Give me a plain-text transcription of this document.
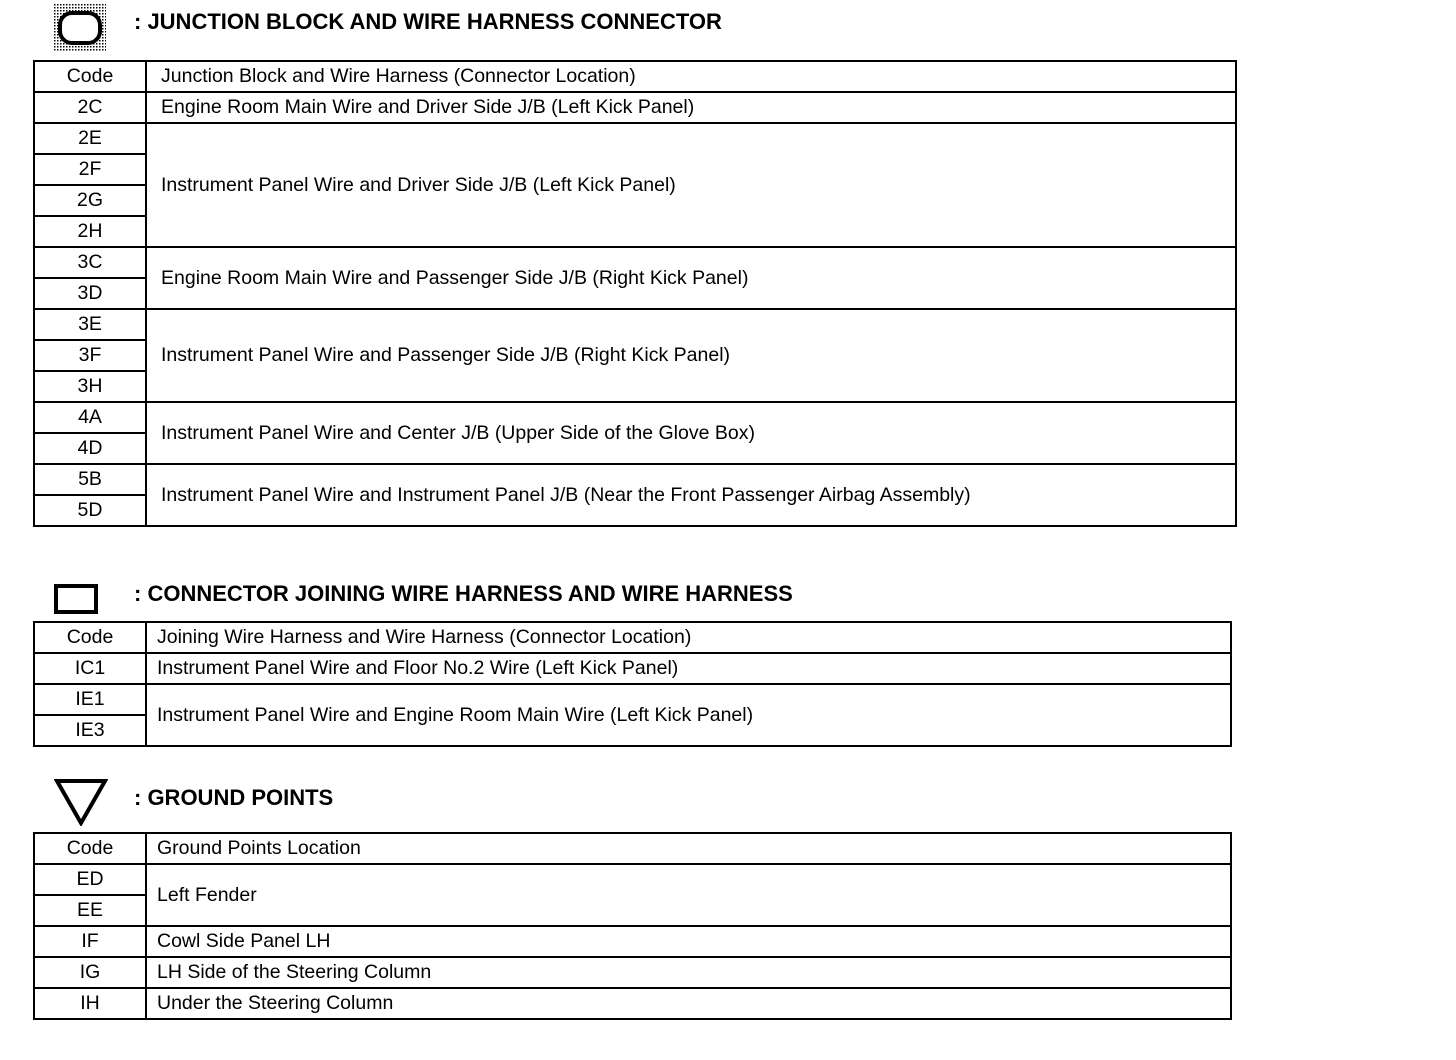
: JUNCTION BLOCK AND WIRE HARNESS CONNECTOR
Code	Junction Block and Wire Harness (Connector Location)
2C	Engine Room Main Wire and Driver Side J/B (Left Kick Panel)
2E	Instrument Panel Wire and Driver Side J/B (Left Kick Panel)
2F	
2G	
2H	
3C	Engine Room Main Wire and Passenger Side J/B (Right Kick Panel)
3D	
3E	Instrument Panel Wire and Passenger Side J/B (Right Kick Panel)
3F	
3H	
4A	Instrument Panel Wire and Center J/B (Upper Side of the Glove Box)
4D	
5B	Instrument Panel Wire and Instrument Panel J/B (Near the Front Passenger Airbag Assembly)
5D	
: CONNECTOR JOINING WIRE HARNESS AND WIRE HARNESS
Code	Joining Wire Harness and Wire Harness (Connector Location)
IC1	Instrument Panel Wire and Floor No.2 Wire (Left Kick Panel)
IE1	Instrument Panel Wire and Engine Room Main Wire (Left Kick Panel)
IE3	
: GROUND POINTS
Code	Ground Points Location
ED	Left Fender
EE	
IF	Cowl Side Panel LH
IG	LH Side of the Steering Column
IH	Under the Steering Column
